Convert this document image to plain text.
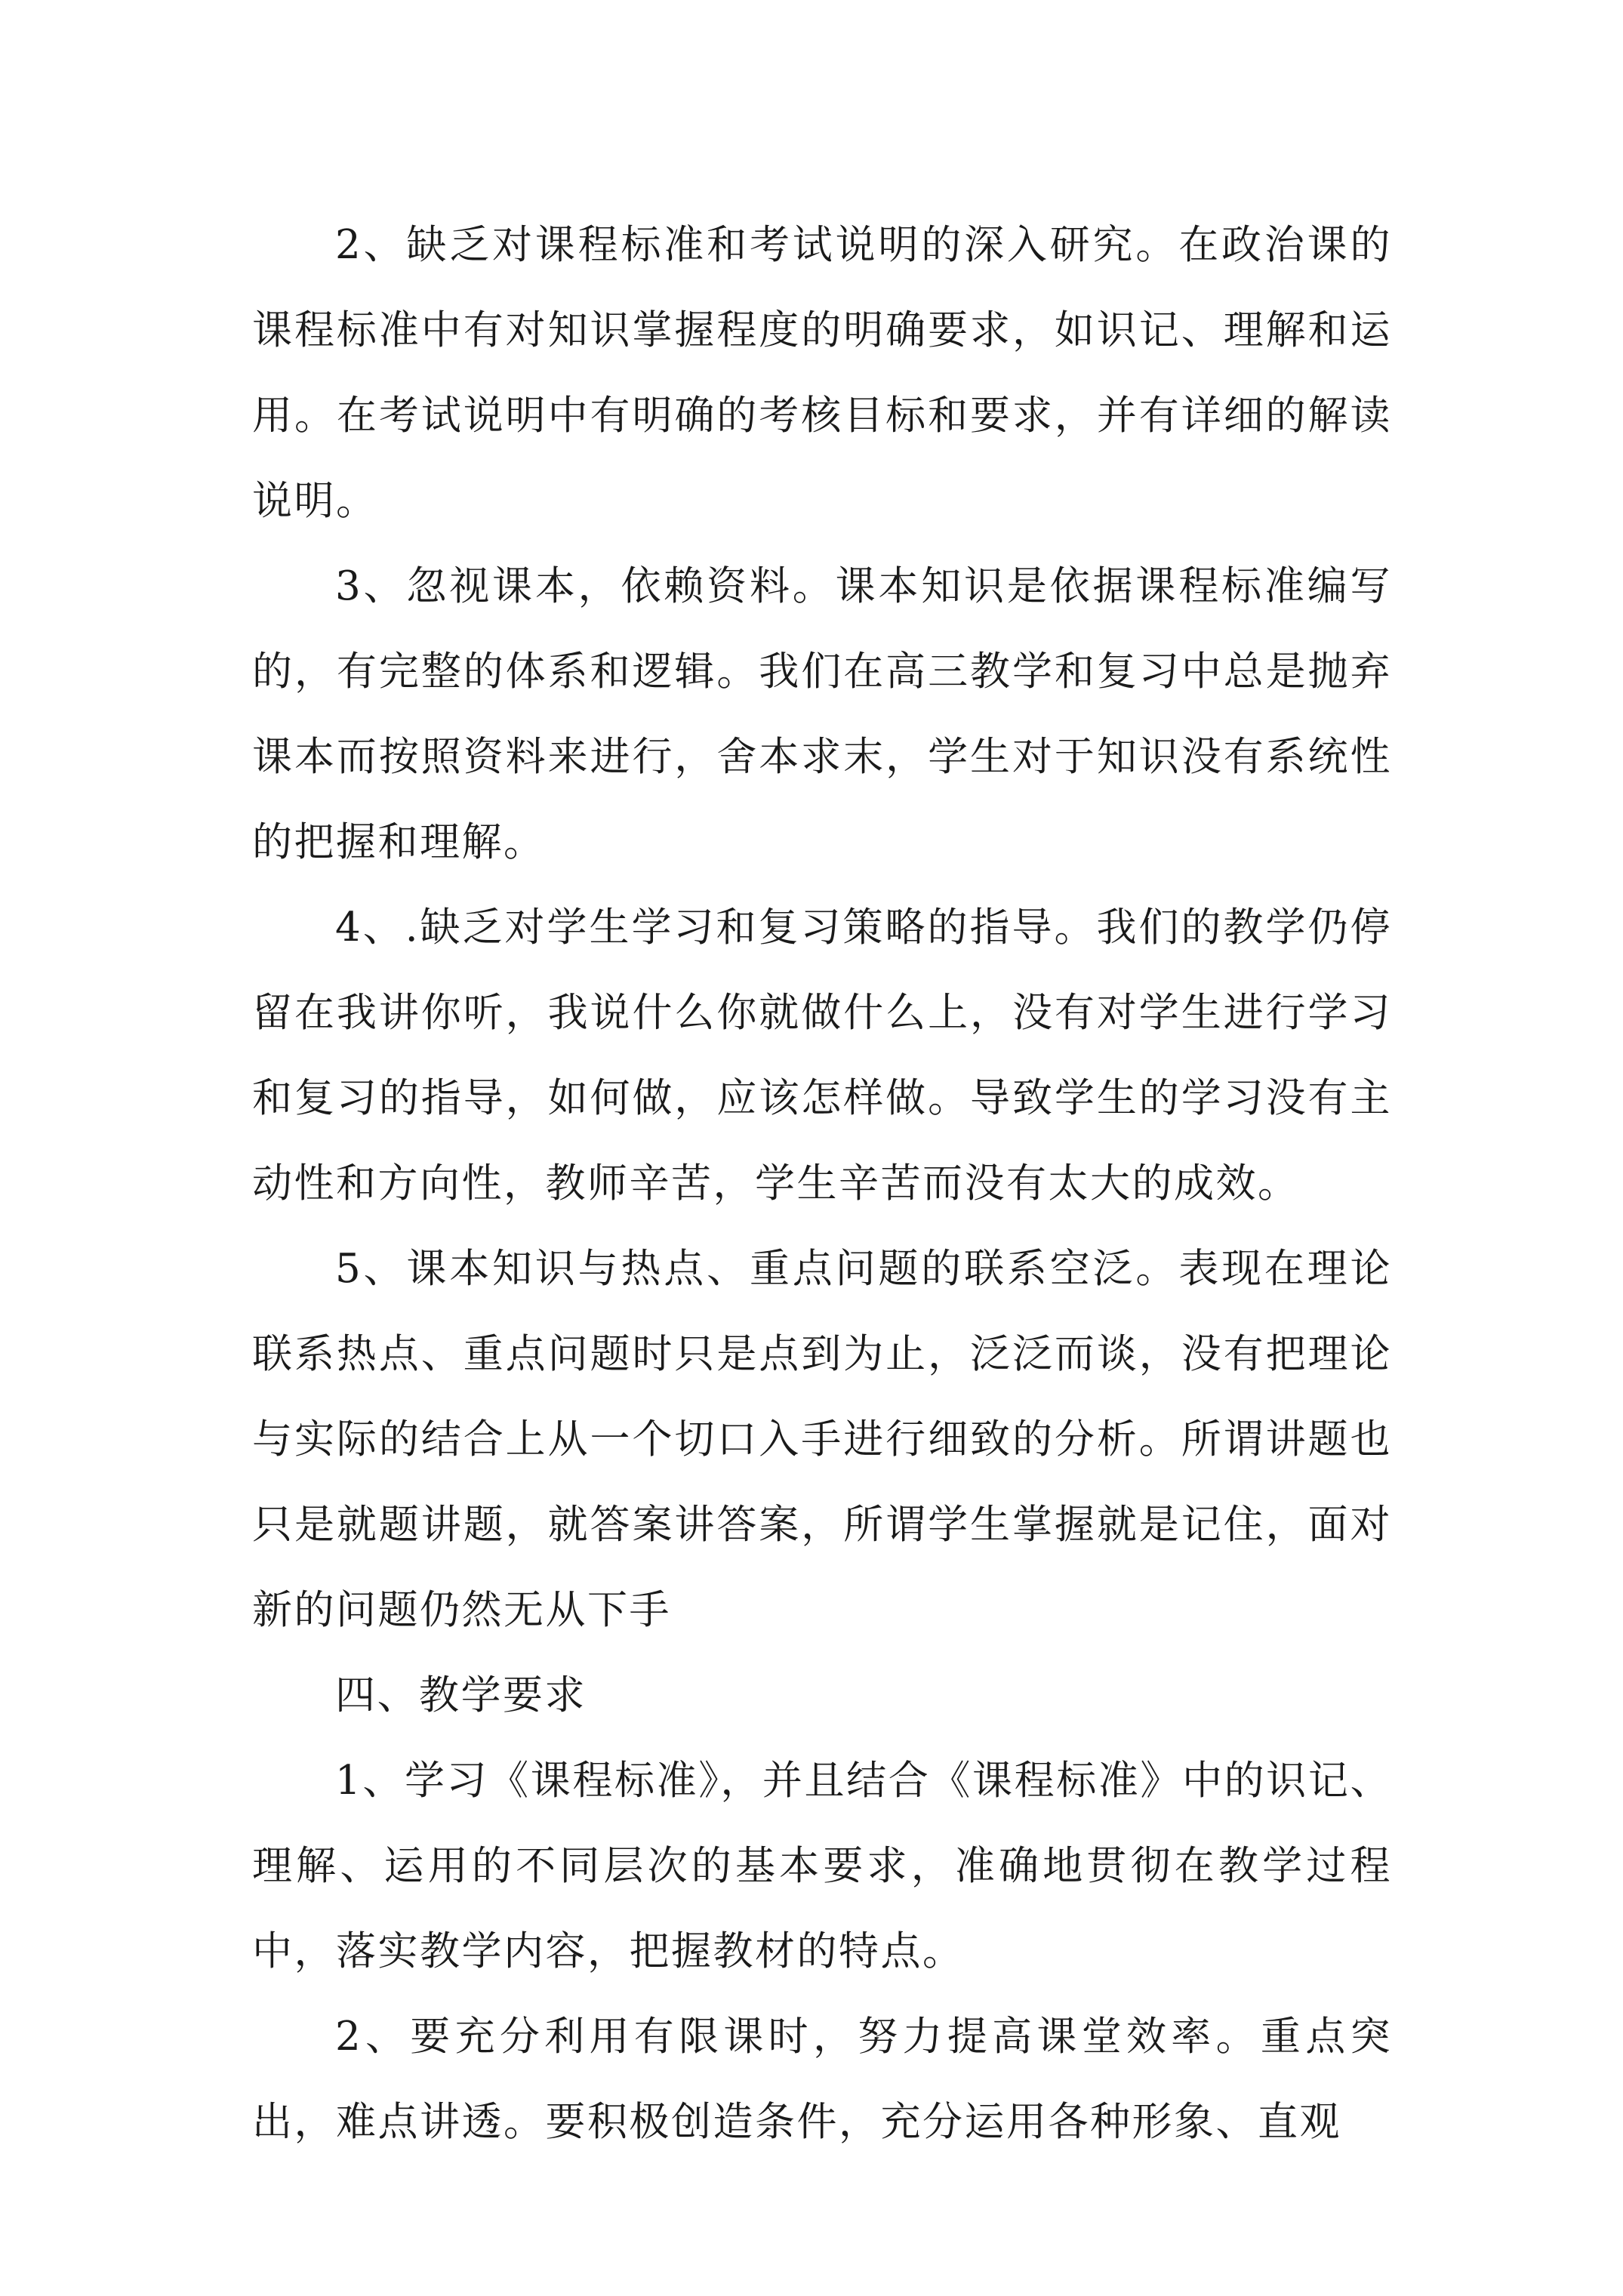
2、缺乏对课程标准和考试说明的深入研究。在政治课的课程标准中有对知识掌握程度的明确要求，如识记、理解和运用。在考试说明中有明确的考核目标和要求，并有详细的解读说明。

3、忽视课本，依赖资料。课本知识是依据课程标准编写的，有完整的体系和逻辑。我们在高三教学和复习中总是抛弃课本而按照资料来进行，舍本求末，学生对于知识没有系统性的把握和理解。

4、.缺乏对学生学习和复习策略的指导。我们的教学仍停留在我讲你听，我说什么你就做什么上，没有对学生进行学习和复习的指导，如何做，应该怎样做。导致学生的学习没有主动性和方向性，教师辛苦，学生辛苦而没有太大的成效。

5、课本知识与热点、重点问题的联系空泛。表现在理论联系热点、重点问题时只是点到为止，泛泛而谈，没有把理论与实际的结合上从一个切口入手进行细致的分析。所谓讲题也只是就题讲题，就答案讲答案，所谓学生掌握就是记住，面对新的问题仍然无从下手

四、教学要求

1、学习《课程标准》，并且结合《课程标准》中的识记、理解、运用的不同层次的基本要求，准确地贯彻在教学过程中，落实教学内容，把握教材的特点。

2、要充分利用有限课时，努力提高课堂效率。重点突出，难点讲透。要积极创造条件，充分运用各种形象、直观
